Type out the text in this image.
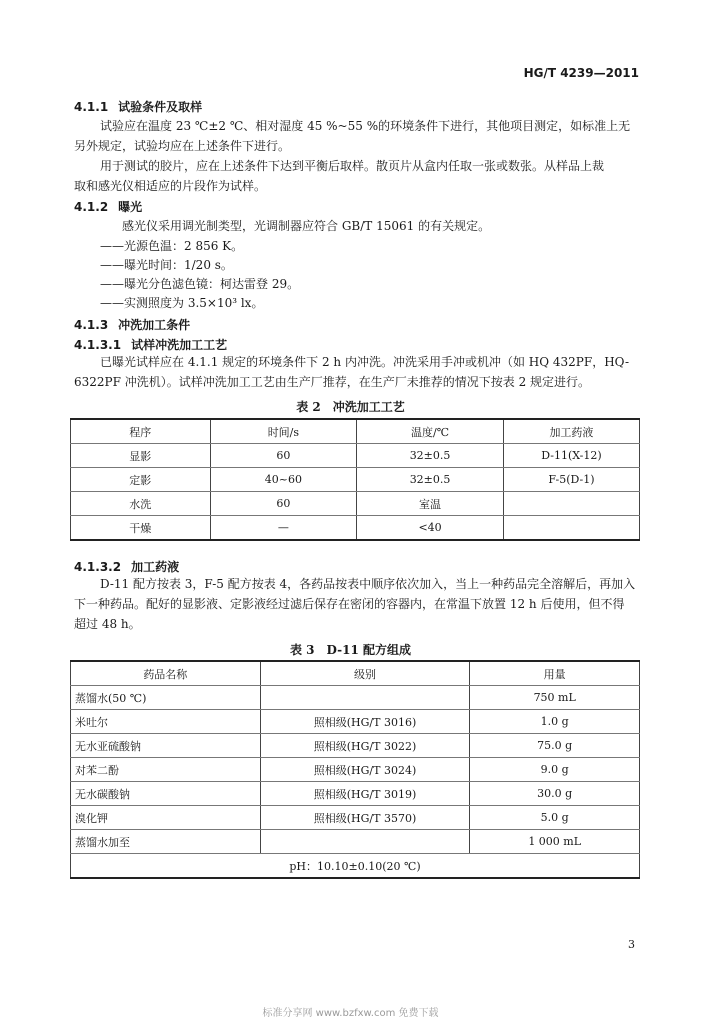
HG/T 4239—2011
4.1.1 试验条件及取样
试验应在温度 23 ℃±2 ℃、相对湿度 45 %~55 %的环境条件下进行，其他项目测定，如标准上无
另外规定，试验均应在上述条件下进行。
用于测试的胶片，应在上述条件下达到平衡后取样。散页片从盒内任取一张或数张。从样品上裁
取和感光仪相适应的片段作为试样。
4.1.2 曝光
感光仪采用调光制类型，光调制器应符合 GB/T 15061 的有关规定。
——光源色温：2 856 K。
——曝光时间：1/20 s。
——曝光分色滤色镜：柯达雷登 29。
——实测照度为 3.5×10³ lx。
4.1.3 冲洗加工条件
4.1.3.1 试样冲洗加工工艺
已曝光试样应在 4.1.1 规定的环境条件下 2 h 内冲洗。冲洗采用手冲或机冲（如 HQ 432PF，HQ-
6322PF 冲洗机）。试样冲洗加工工艺由生产厂推荐，在生产厂未推荐的情况下按表 2 规定进行。
表 2　冲洗加工工艺
程序	时间/s	温度/℃	加工药液
显影	60	32±0.5	D-11(X-12)
定影	40~60	32±0.5	F-5(D-1)
水洗	60	室温	
干燥	—	<40	
4.1.3.2 加工药液
D-11 配方按表 3，F-5 配方按表 4，各药品按表中顺序依次加入，当上一种药品完全溶解后，再加入
下一种药品。配好的显影液、定影液经过滤后保存在密闭的容器内，在常温下放置 12 h 后使用，但不得
超过 48 h。
表 3　D-11 配方组成
药品名称	级别	用量
蒸馏水(50 ℃)		750 mL
米吐尔	照相级(HG/T 3016)	1.0 g
无水亚硫酸钠	照相级(HG/T 3022)	75.0 g
对苯二酚	照相级(HG/T 3024)	9.0 g
无水碳酸钠	照相级(HG/T 3019)	30.0 g
溴化钾	照相级(HG/T 3570)	5.0 g
蒸馏水加至		1 000 mL
pH：10.10±0.10(20 ℃)		
3
标准分享网 www.bzfxw.com 免费下载
